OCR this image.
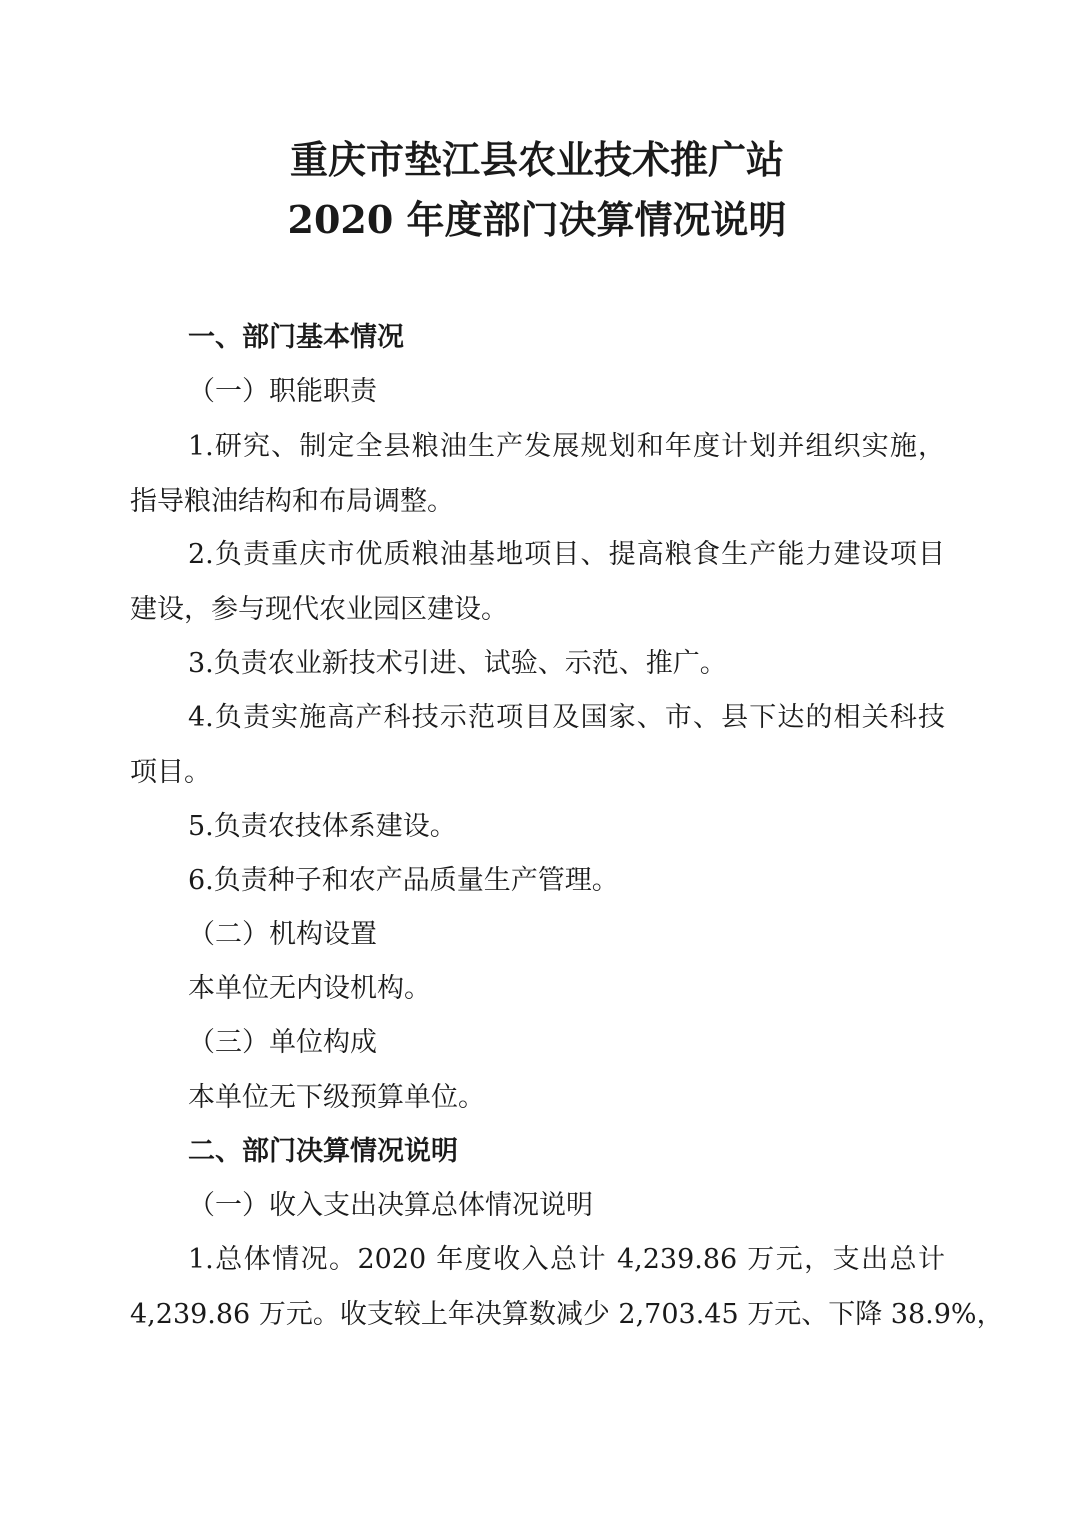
重庆市垫江县农业技术推广站
2020 年度部门决算情况说明
一、部门基本情况
（一）职能职责
1.研究、制定全县粮油生产发展规划和年度计划并组织实施，
指导粮油结构和布局调整。
2.负责重庆市优质粮油基地项目、提高粮食生产能力建设项目
建设，参与现代农业园区建设。
3.负责农业新技术引进、试验、示范、推广。
4.负责实施高产科技示范项目及国家、市、县下达的相关科技
项目。
5.负责农技体系建设。
6.负责种子和农产品质量生产管理。
（二）机构设置
本单位无内设机构。
（三）单位构成
本单位无下级预算单位。
二、部门决算情况说明
（一）收入支出决算总体情况说明
1.总体情况。2020 年度收入总计 4,239.86 万元，支出总计
4,239.86 万元。收支较上年决算数减少 2,703.45 万元、下降 38.9%，
